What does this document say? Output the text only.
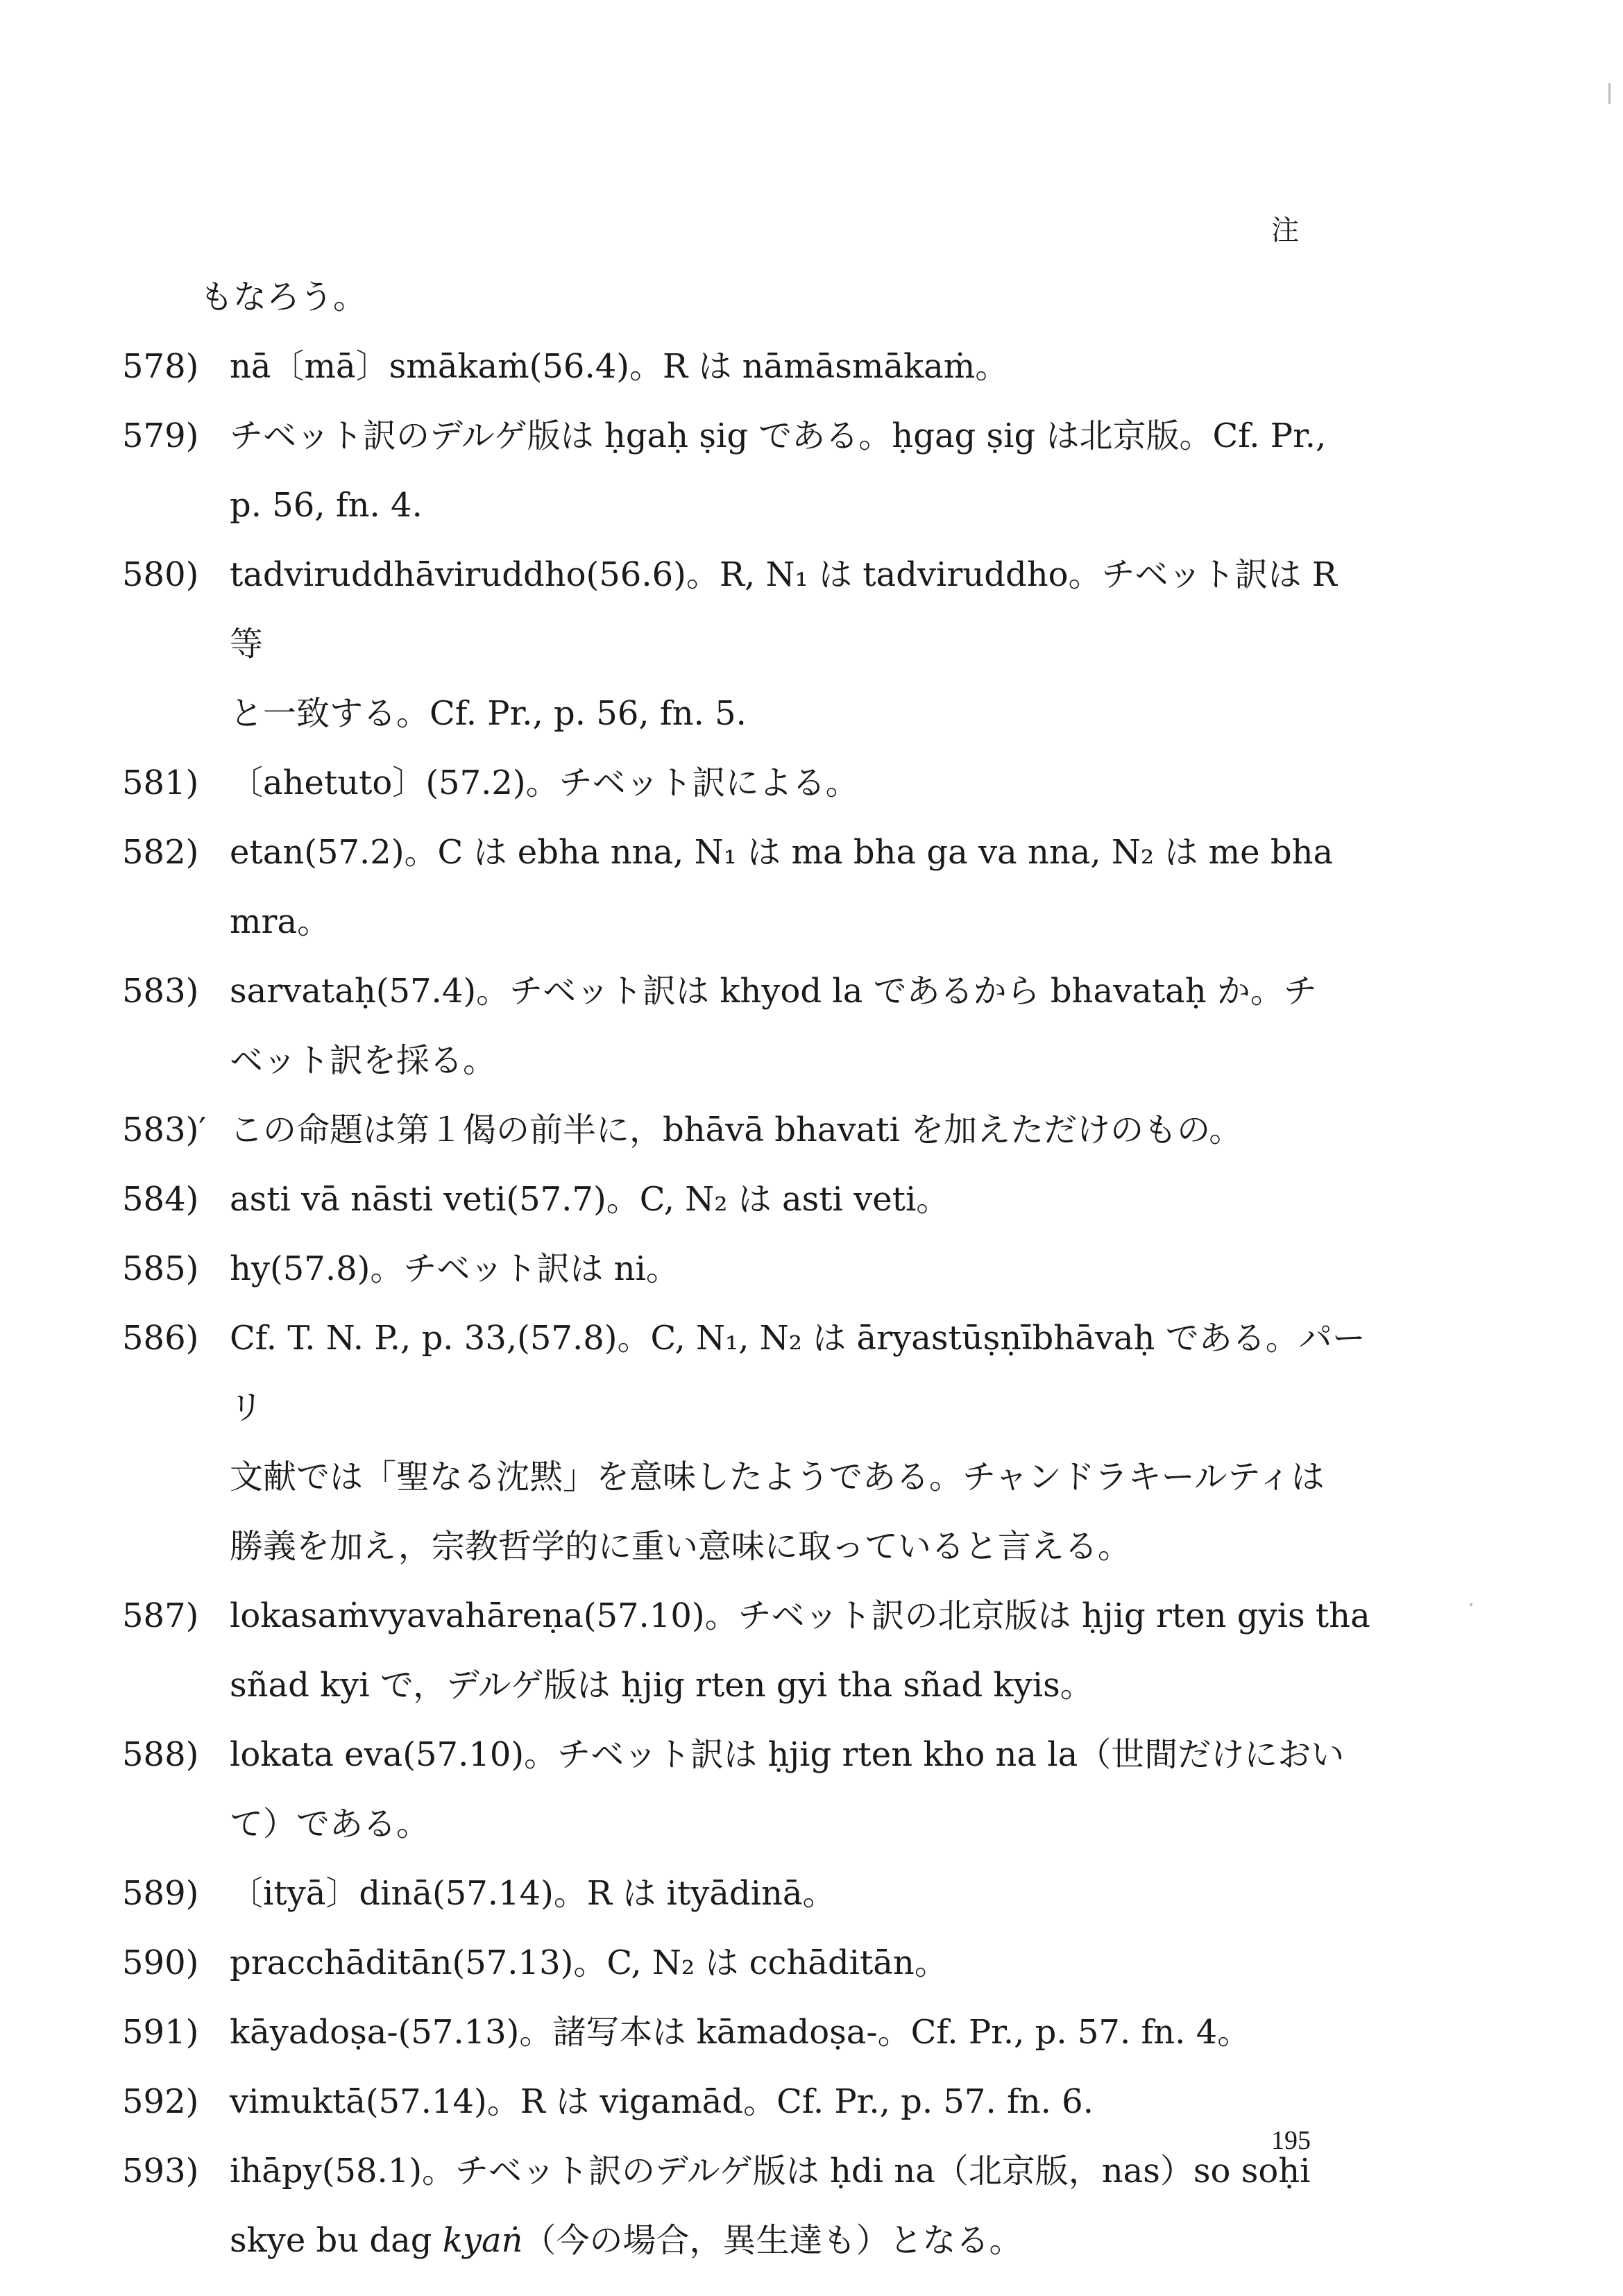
注
もなろう。
578) nā〔mā〕smākaṁ(56.4)。R は nāmāsmākaṁ。
579) チベット訳のデルゲ版は ḥgaḥ ṣig である。ḥgag ṣig は北京版。Cf. Pr.,
p. 56, fn. 4.
580) tadviruddhāviruddho(56.6)。R, N₁ は tadviruddho。チベット訳は R 等
と一致する。Cf. Pr., p. 56, fn. 5.
581) 〔ahetuto〕(57.2)。チベット訳による。
582) etan(57.2)。C は ebha nna, N₁ は ma bha ga va nna, N₂ は me bha mra。
583) sarvataḥ(57.4)。チベット訳は khyod la であるから bhavataḥ か。チ
ベット訳を採る。
583)′ この命題は第１偈の前半に，bhāvā bhavati を加えただけのもの。
584) asti vā nāsti veti(57.7)。C, N₂ は asti veti。
585) hy(57.8)。チベット訳は ni。
586) Cf. T. N. P., p. 33,(57.8)。C, N₁, N₂ は āryastūṣṇībhāvaḥ である。パーリ
文献では「聖なる沈黙」を意味したようである。チャンドラキールティは
勝義を加え，宗教哲学的に重い意味に取っていると言える。
587) lokasaṁvyavahāreṇa(57.10)。チベット訳の北京版は ḥjig rten gyis tha
sñad kyi で，デルゲ版は ḥjig rten gyi tha sñad kyis。
588) lokata eva(57.10)。チベット訳は ḥjig rten kho na la（世間だけにおい
て）である。
589) 〔ityā〕dinā(57.14)。R は ityādinā。
590) pracchāditān(57.13)。C, N₂ は cchāditān。
591) kāyadoṣa-(57.13)。諸写本は kāmadoṣa-。Cf. Pr., p. 57. fn. 4。
592) vimuktā(57.14)。R は vigamād。Cf. Pr., p. 57. fn. 6.
593) ihāpy(58.1)。チベット訳のデルゲ版は ḥdi na（北京版，nas）so soḥi
skye bu dag kyaṅ（今の場合，異生達も）となる。
195
